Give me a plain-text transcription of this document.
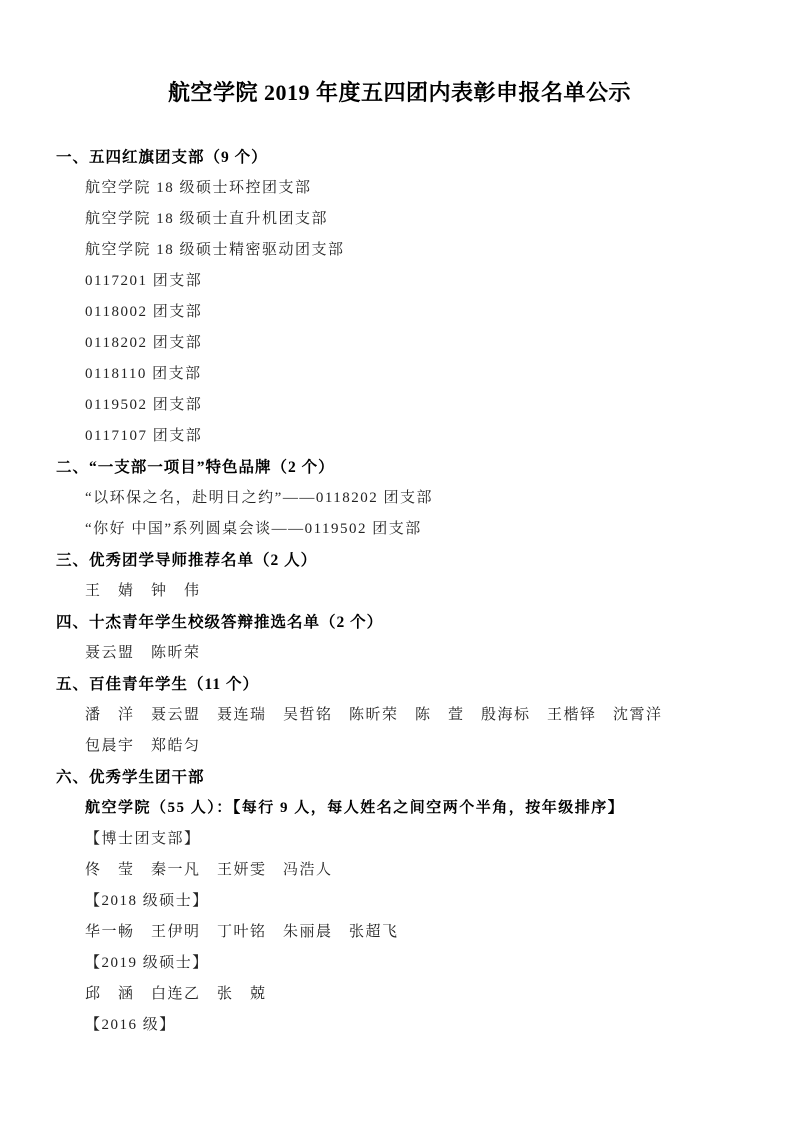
航空学院 2019 年度五四团内表彰申报名单公示
一、五四红旗团支部（9 个）
航空学院 18 级硕士环控团支部
航空学院 18 级硕士直升机团支部
航空学院 18 级硕士精密驱动团支部
0117201 团支部
0118002 团支部
0118202 团支部
0118110 团支部
0119502 团支部
0117107 团支部
二、“一支部一项目”特色品牌（2 个）
“以环保之名，赴明日之约”——0118202 团支部
“你好 中国”系列圆桌会谈——0119502 团支部
三、优秀团学导师推荐名单（2 人）
王　婧　钟　伟
四、十杰青年学生校级答辩推选名单（2 个）
聂云盟　陈昕荣
五、百佳青年学生（11 个）
潘　洋　聂云盟　聂连瑞　吴哲铭　陈昕荣　陈　萱　殷海标　王楷铎　沈霄洋
包晨宇　郑皓匀
六、优秀学生团干部
航空学院（55 人）：【每行 9 人，每人姓名之间空两个半角，按年级排序】
【博士团支部】
佟　莹　秦一凡　王妍雯　冯浩人
【2018 级硕士】
华一畅　王伊明　丁叶铭　朱丽晨　张超飞
【2019 级硕士】
邱　涵　白连乙　张　兢
【2016 级】
